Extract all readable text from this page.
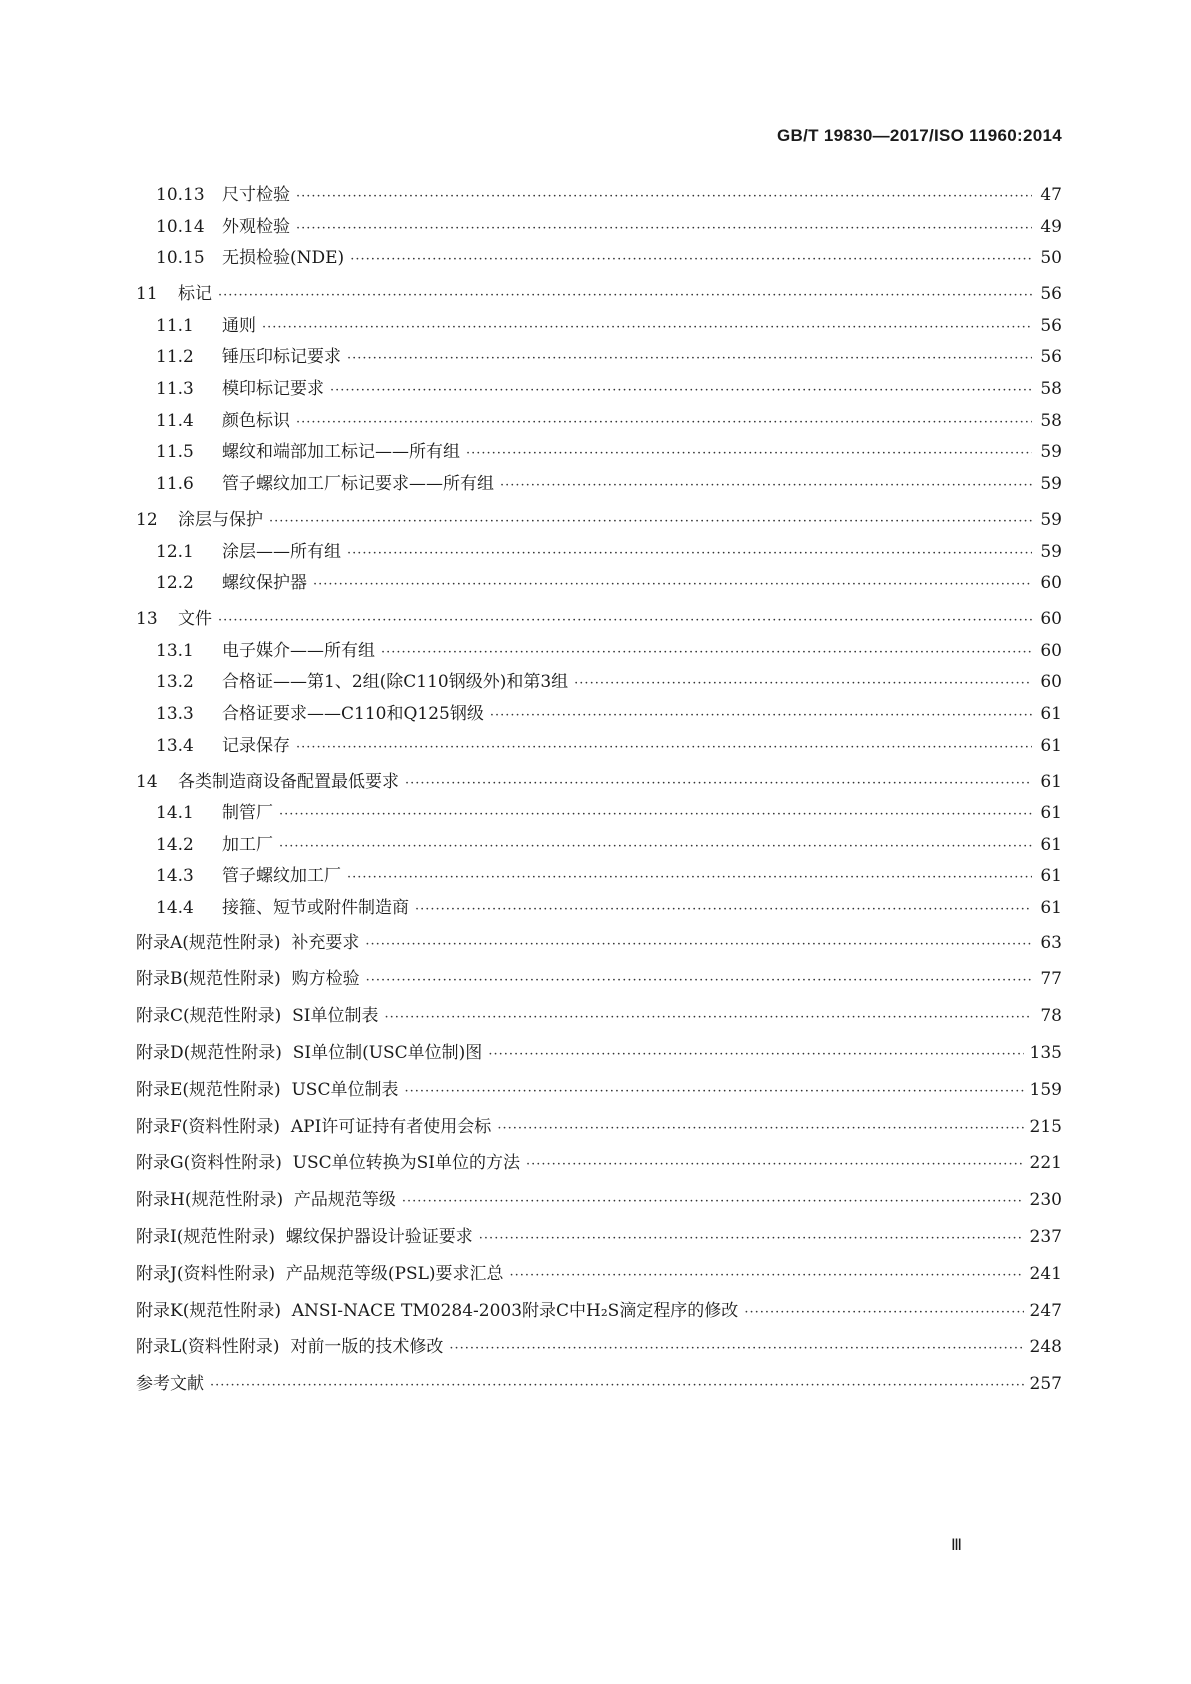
GB/T 19830—2017/ISO 11960:2014
10.13	尺寸检验 ·····	47
10.14	外观检验 ·····	49
10.15	无损检验(NDE) ·····	50
11	标记 ·····	56
11.1	通则 ·····	56
11.2	锤压印标记要求 ·····	56
11.3	模印标记要求 ·····	58
11.4	颜色标识 ·····	58
11.5	螺纹和端部加工标记——所有组 ·····	59
11.6	管子螺纹加工厂标记要求——所有组 ·····	59
12	涂层与保护 ·····	59
12.1	涂层——所有组 ·····	59
12.2	螺纹保护器 ·····	60
13	文件 ·····	60
13.1	电子媒介——所有组 ·····	60
13.2	合格证——第1、2组(除C110钢级外)和第3组 ·····	60
13.3	合格证要求——C110和Q125钢级 ·····	61
13.4	记录保存 ·····	61
14	各类制造商设备配置最低要求 ·····	61
14.1	制管厂 ·····	61
14.2	加工厂 ·····	61
14.3	管子螺纹加工厂 ·····	61
14.4	接箍、短节或附件制造商 ·····	61
附录A(规范性附录)  补充要求 ·····	63
附录B(规范性附录)  购方检验 ·····	77
附录C(规范性附录)  SI单位制表 ·····	78
附录D(规范性附录)  SI单位制(USC单位制)图 ·····	135
附录E(规范性附录)  USC单位制表 ·····	159
附录F(资料性附录)  API许可证持有者使用会标 ·····	215
附录G(资料性附录)  USC单位转换为SI单位的方法 ·····	221
附录H(规范性附录)  产品规范等级 ·····	230
附录I(规范性附录)  螺纹保护器设计验证要求 ·····	237
附录J(资料性附录)  产品规范等级(PSL)要求汇总 ·····	241
附录K(规范性附录)  ANSI-NACE TM0284-2003附录C中H₂S滴定程序的修改 ·····	247
附录L(资料性附录)  对前一版的技术修改 ·····	248
参考文献 ·····	257
Ⅲ
